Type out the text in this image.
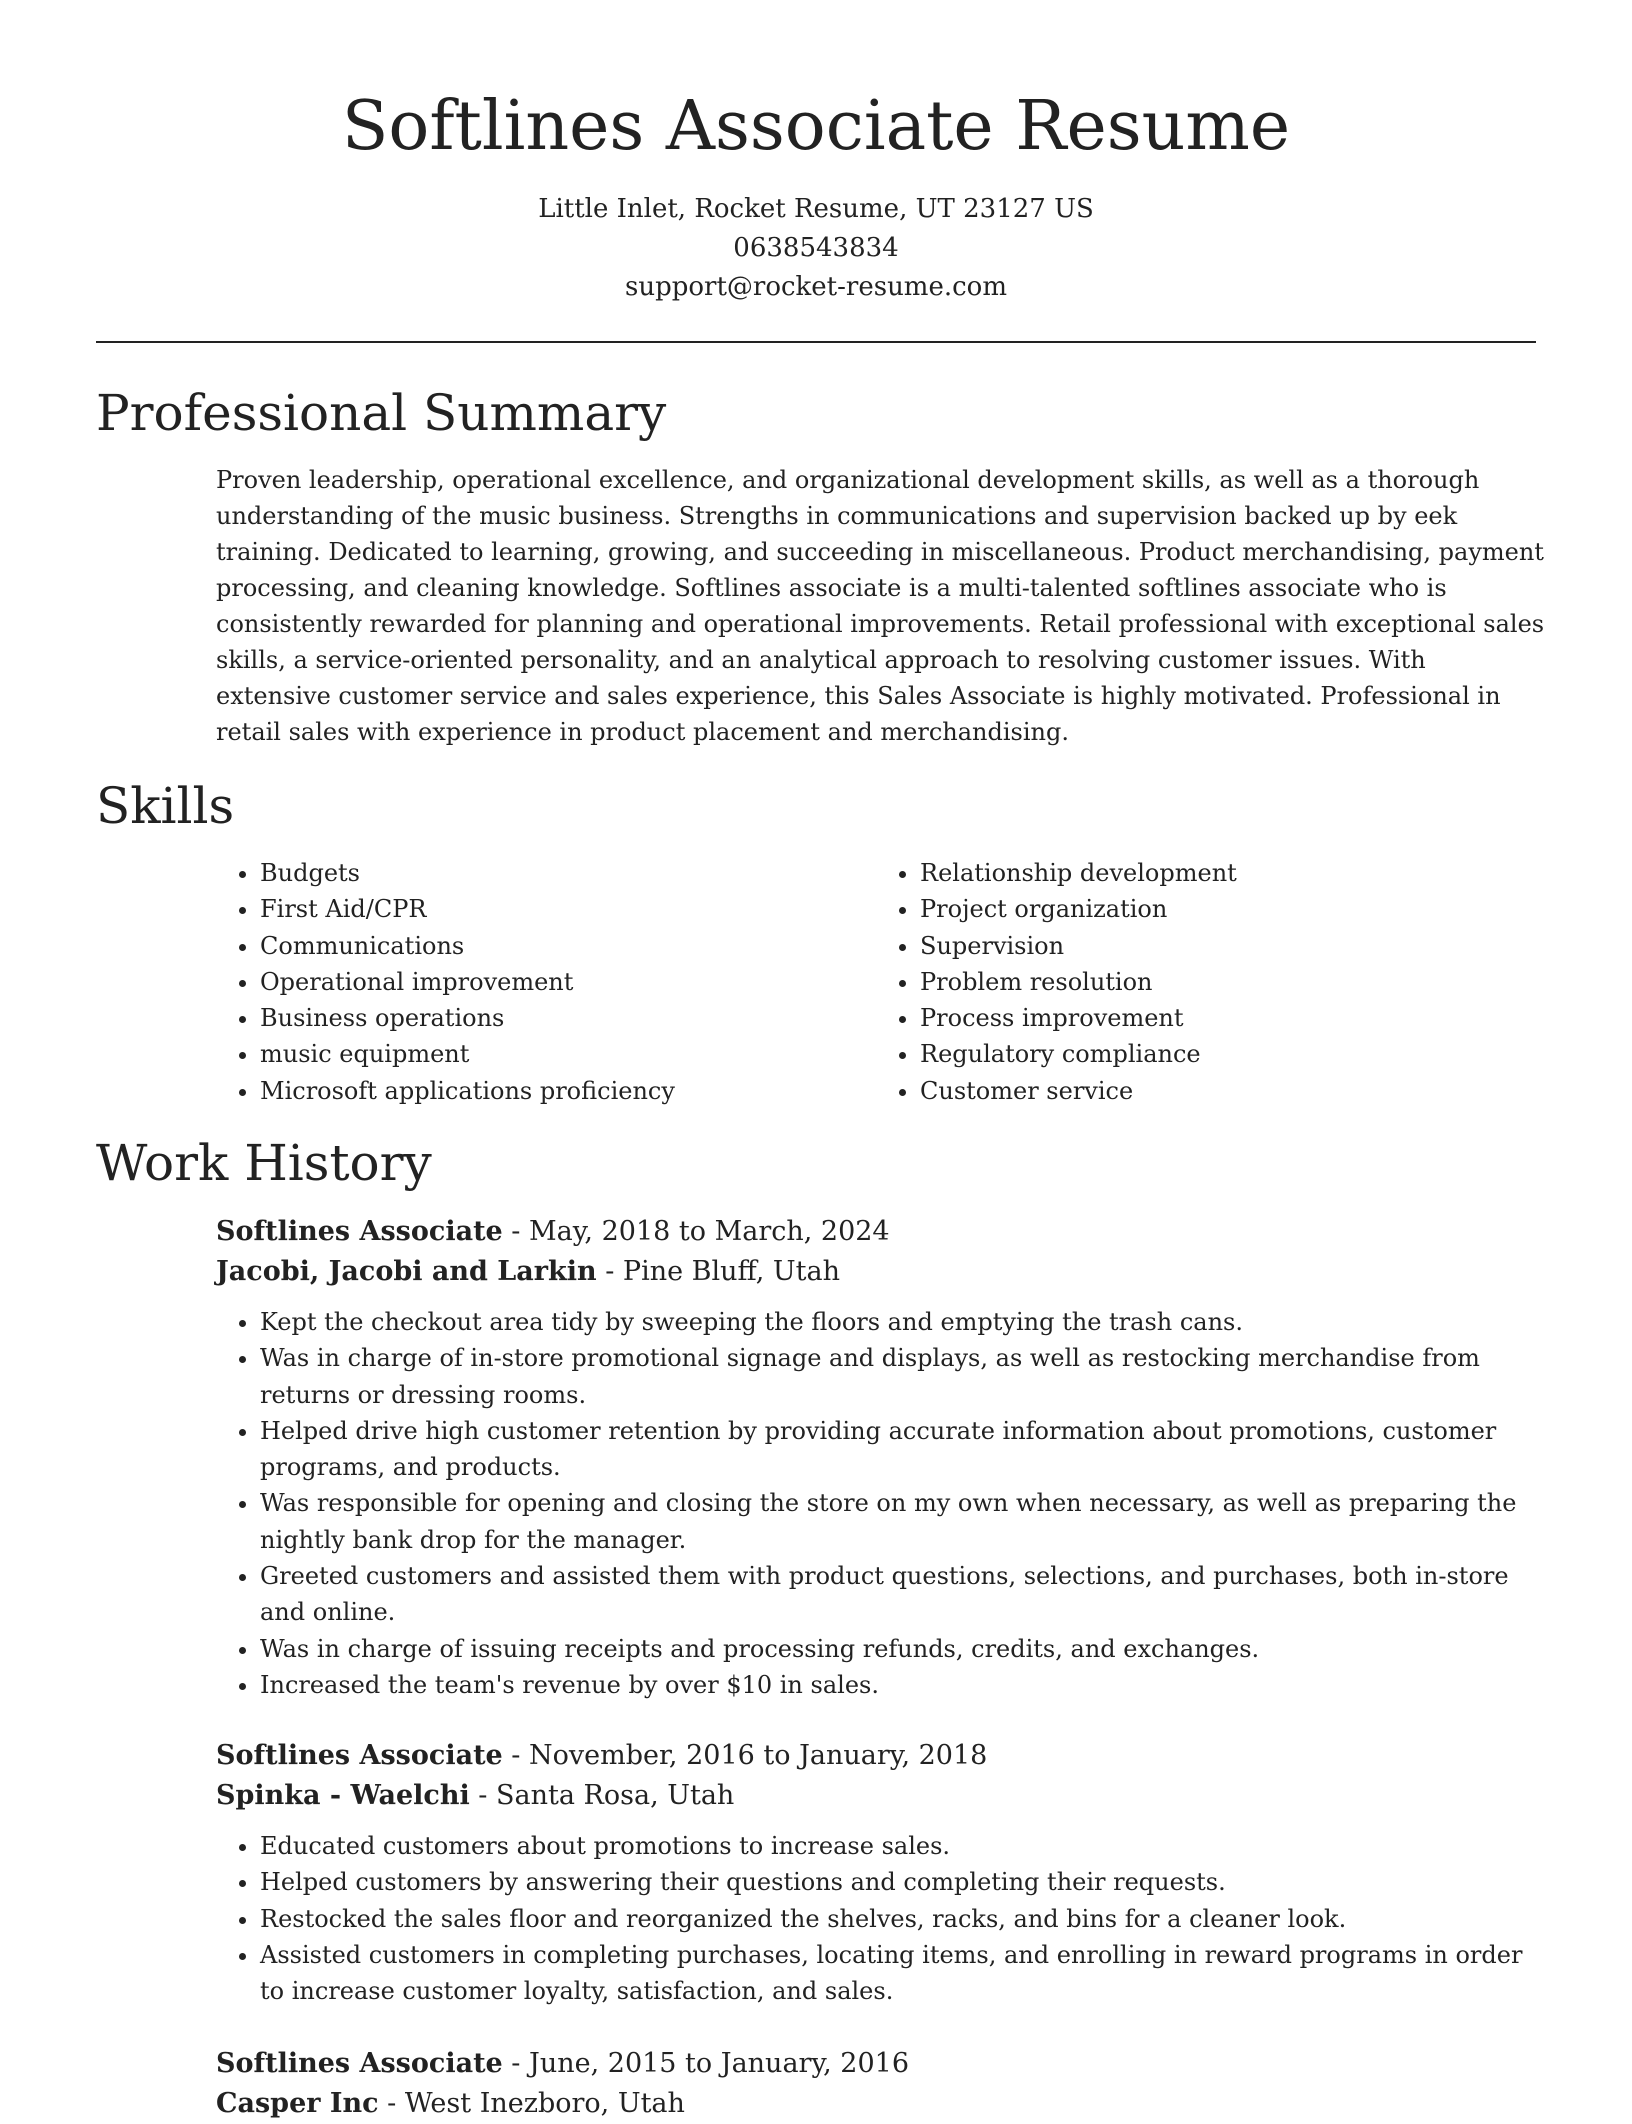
Softlines Associate Resume
Little Inlet, Rocket Resume, UT 23127 US
0638543834
support@rocket-resume.com
Professional Summary

Proven leadership, operational excellence, and organizational development skills, as well as a thorough understanding of the music business. Strengths in communications and supervision backed up by eek training. Dedicated to learning, growing, and succeeding in miscellaneous. Product merchandising, payment processing, and cleaning knowledge. Softlines associate is a multi-talented softlines associate who is consistently rewarded for planning and operational improvements. Retail professional with exceptional sales skills, a service-oriented personality, and an analytical approach to resolving customer issues. With extensive customer service and sales experience, this Sales Associate is highly motivated. Professional in retail sales with experience in product placement and merchandising.

Skills
• Budgets
• First Aid/CPR
• Communications
• Operational improvement
• Business operations
• music equipment
• Microsoft applications proficiency
• Relationship development
• Project organization
• Supervision
• Problem resolution
• Process improvement
• Regulatory compliance
• Customer service
Work History
Softlines Associate - May, 2018 to March, 2024
Jacobi, Jacobi and Larkin - Pine Bluff, Utah
• Kept the checkout area tidy by sweeping the floors and emptying the trash cans.
• Was in charge of in-store promotional signage and displays, as well as restocking merchandise from returns or dressing rooms.
• Helped drive high customer retention by providing accurate information about promotions, customer programs, and products.
• Was responsible for opening and closing the store on my own when necessary, as well as preparing the nightly bank drop for the manager.
• Greeted customers and assisted them with product questions, selections, and purchases, both in-store and online.
• Was in charge of issuing receipts and processing refunds, credits, and exchanges.
• Increased the team's revenue by over $10 in sales.
Softlines Associate - November, 2016 to January, 2018
Spinka - Waelchi - Santa Rosa, Utah
• Educated customers about promotions to increase sales.
• Helped customers by answering their questions and completing their requests.
• Restocked the sales floor and reorganized the shelves, racks, and bins for a cleaner look.
• Assisted customers in completing purchases, locating items, and enrolling in reward programs in order to increase customer loyalty, satisfaction, and sales.
Softlines Associate - June, 2015 to January, 2016
Casper Inc - West Inezboro, Utah
